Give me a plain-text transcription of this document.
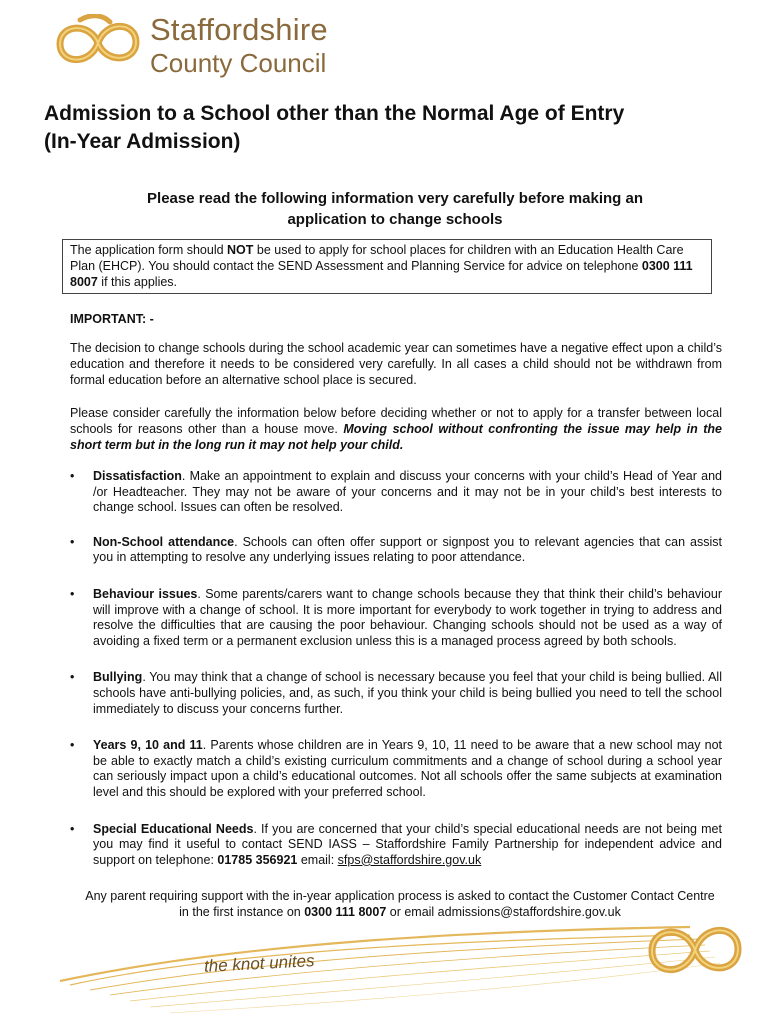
Staffordshire
County Council
Admission to a School other than the Normal Age of Entry
(In-Year Admission)

Please read the following information very carefully before making an
application to change schools

The application form should NOT be used to apply for school places for children with an Education Health Care Plan (EHCP). You should contact the SEND Assessment and Planning Service for advice on telephone 0300 111 8007 if this applies.
IMPORTANT: -
The decision to change schools during the school academic year can sometimes have a negative effect upon a child’s education and therefore it needs to be considered very carefully. In all cases a child should not be withdrawn from formal education before an alternative school place is secured.
Please consider carefully the information below before deciding whether or not to apply for a transfer between local schools for reasons other than a house move. Moving school without confronting the issue may help in the short term but in the long run it may not help your child.
• Dissatisfaction. Make an appointment to explain and discuss your concerns with your child’s Head of Year and /or Headteacher. They may not be aware of your concerns and it may not be in your child’s best interests to change school. Issues can often be resolved.
• Non-School attendance. Schools can often offer support or signpost you to relevant agencies that can assist you in attempting to resolve any underlying issues relating to poor attendance.
• Behaviour issues. Some parents/carers want to change schools because they that think their child’s behaviour will improve with a change of school. It is more important for everybody to work together in trying to address and resolve the difficulties that are causing the poor behaviour. Changing schools should not be used as a way of avoiding a fixed term or a permanent exclusion unless this is a managed process agreed by both schools.
• Bullying. You may think that a change of school is necessary because you feel that your child is being bullied. All schools have anti-bullying policies, and, as such, if you think your child is being bullied you need to tell the school immediately to discuss your concerns further.
• Years 9, 10 and 11. Parents whose children are in Years 9, 10, 11 need to be aware that a new school may not be able to exactly match a child’s existing curriculum commitments and a change of school during a school year can seriously impact upon a child’s educational outcomes. Not all schools offer the same subjects at examination level and this should be explored with your preferred school.
• Special Educational Needs. If you are concerned that your child’s special educational needs are not being met you may find it useful to contact SEND IASS – Staffordshire Family Partnership for independent advice and support on telephone: 01785 356921 email: sfps@staffordshire.gov.uk
Any parent requiring support with the in-year application process is asked to contact the Customer Contact Centre in the first instance on 0300 111 8007 or email admissions@staffordshire.gov.uk
the knot unites
